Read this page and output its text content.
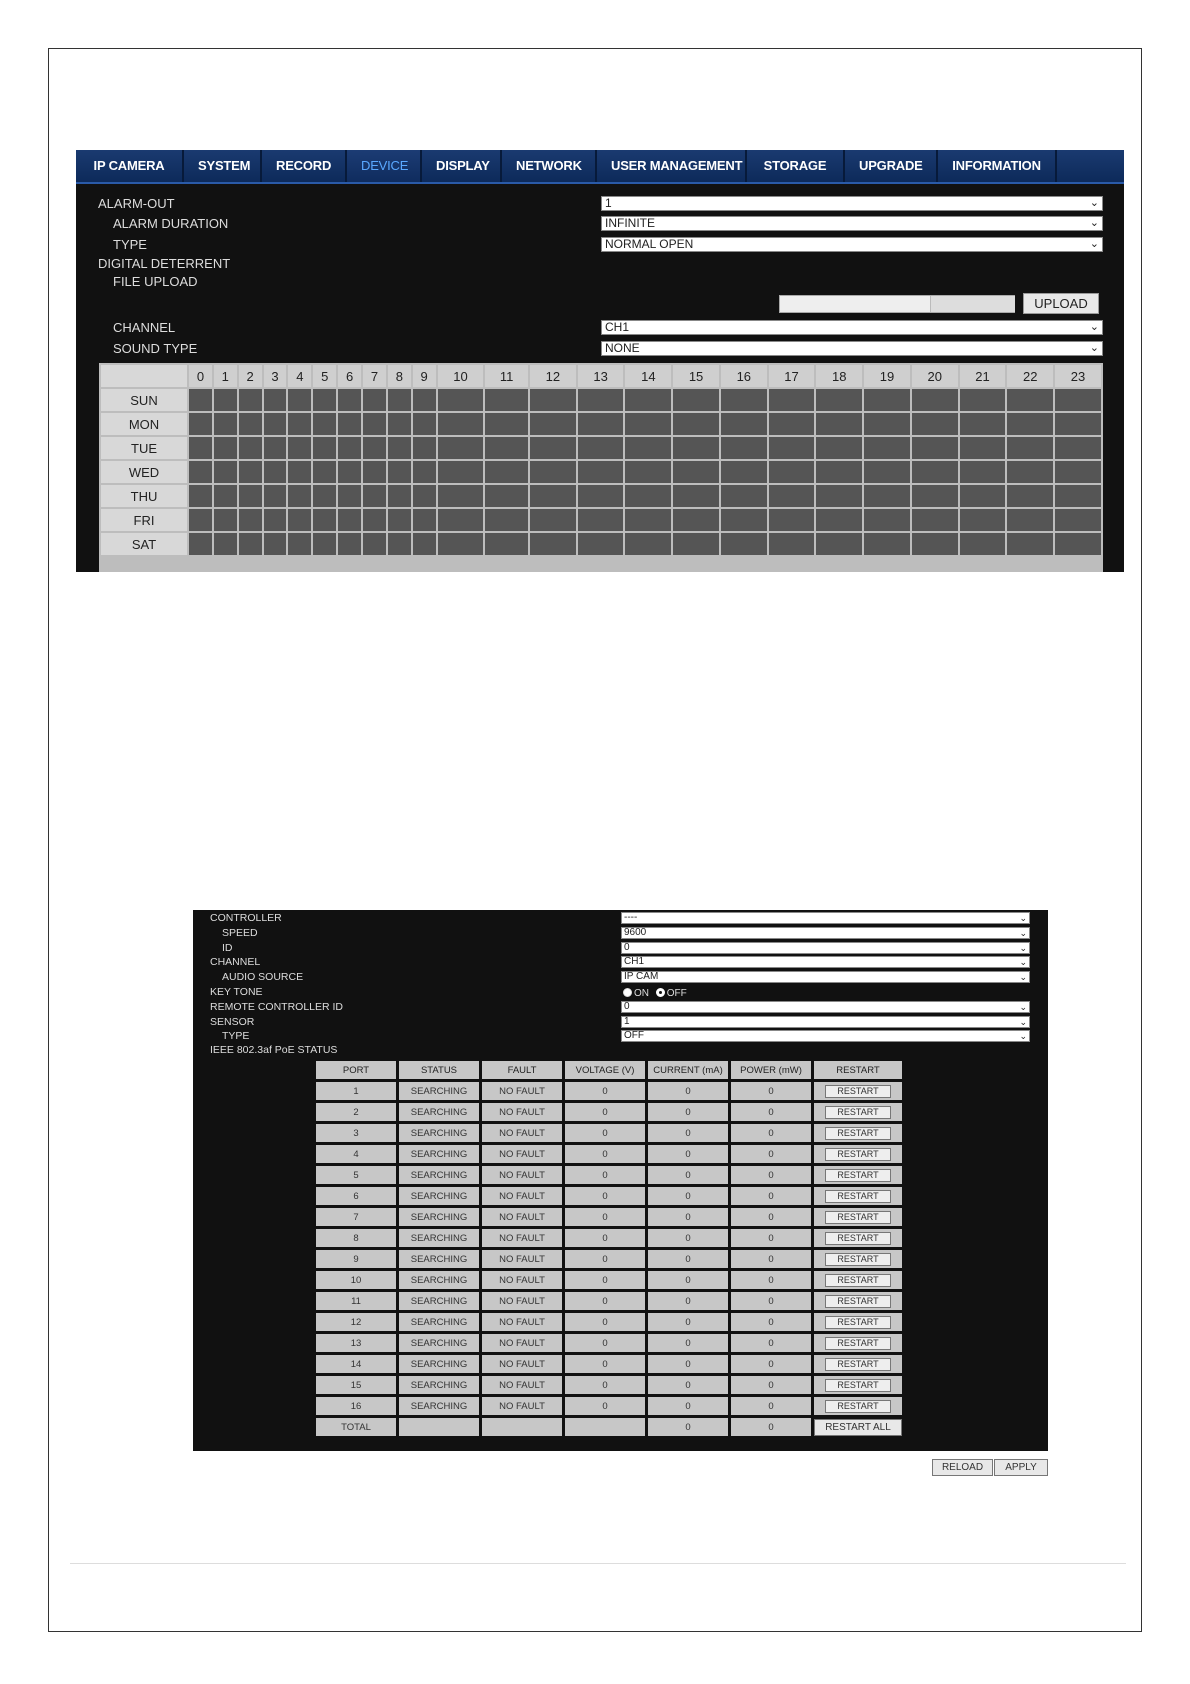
IP CAMERA	SYSTEM	RECORD	DEVICE	DISPLAY	NETWORK	USER MANAGEMENT	STORAGE	UPGRADE	INFORMATION
ALARM-OUT	1	⌄
ALARM DURATION	INFINITE	⌄
TYPE	NORMAL OPEN	⌄
DIGITAL DETERRENT
FILE UPLOAD
UPLOAD
CHANNEL	CH1	⌄
SOUND TYPE	NONE	⌄
	0	1	2	3	4	5	6	7	8	9	10	11	12	13	14	15	16	17	18	19	20	21	22	23
SUN																								
MON																								
TUE																								
WED																								
THU																								
FRI																								
SAT																								
CONTROLLER	----	⌄
SPEED	9600	⌄
ID	0	⌄
CHANNEL	CH1	⌄
AUDIO SOURCE	IP CAM	⌄
KEY TONE	ON OFF
REMOTE CONTROLLER ID	0	⌄
SENSOR	1	⌄
TYPE	OFF	⌄
IEEE 802.3af PoE STATUS
PORT	STATUS	FAULT	VOLTAGE (V)	CURRENT (mA)	POWER (mW)	RESTART
1	SEARCHING	NO FAULT	0	0	0	RESTART
2	SEARCHING	NO FAULT	0	0	0	RESTART
3	SEARCHING	NO FAULT	0	0	0	RESTART
4	SEARCHING	NO FAULT	0	0	0	RESTART
5	SEARCHING	NO FAULT	0	0	0	RESTART
6	SEARCHING	NO FAULT	0	0	0	RESTART
7	SEARCHING	NO FAULT	0	0	0	RESTART
8	SEARCHING	NO FAULT	0	0	0	RESTART
9	SEARCHING	NO FAULT	0	0	0	RESTART
10	SEARCHING	NO FAULT	0	0	0	RESTART
11	SEARCHING	NO FAULT	0	0	0	RESTART
12	SEARCHING	NO FAULT	0	0	0	RESTART
13	SEARCHING	NO FAULT	0	0	0	RESTART
14	SEARCHING	NO FAULT	0	0	0	RESTART
15	SEARCHING	NO FAULT	0	0	0	RESTART
16	SEARCHING	NO FAULT	0	0	0	RESTART
TOTAL				0	0	RESTART ALL
RELOAD	APPLY
